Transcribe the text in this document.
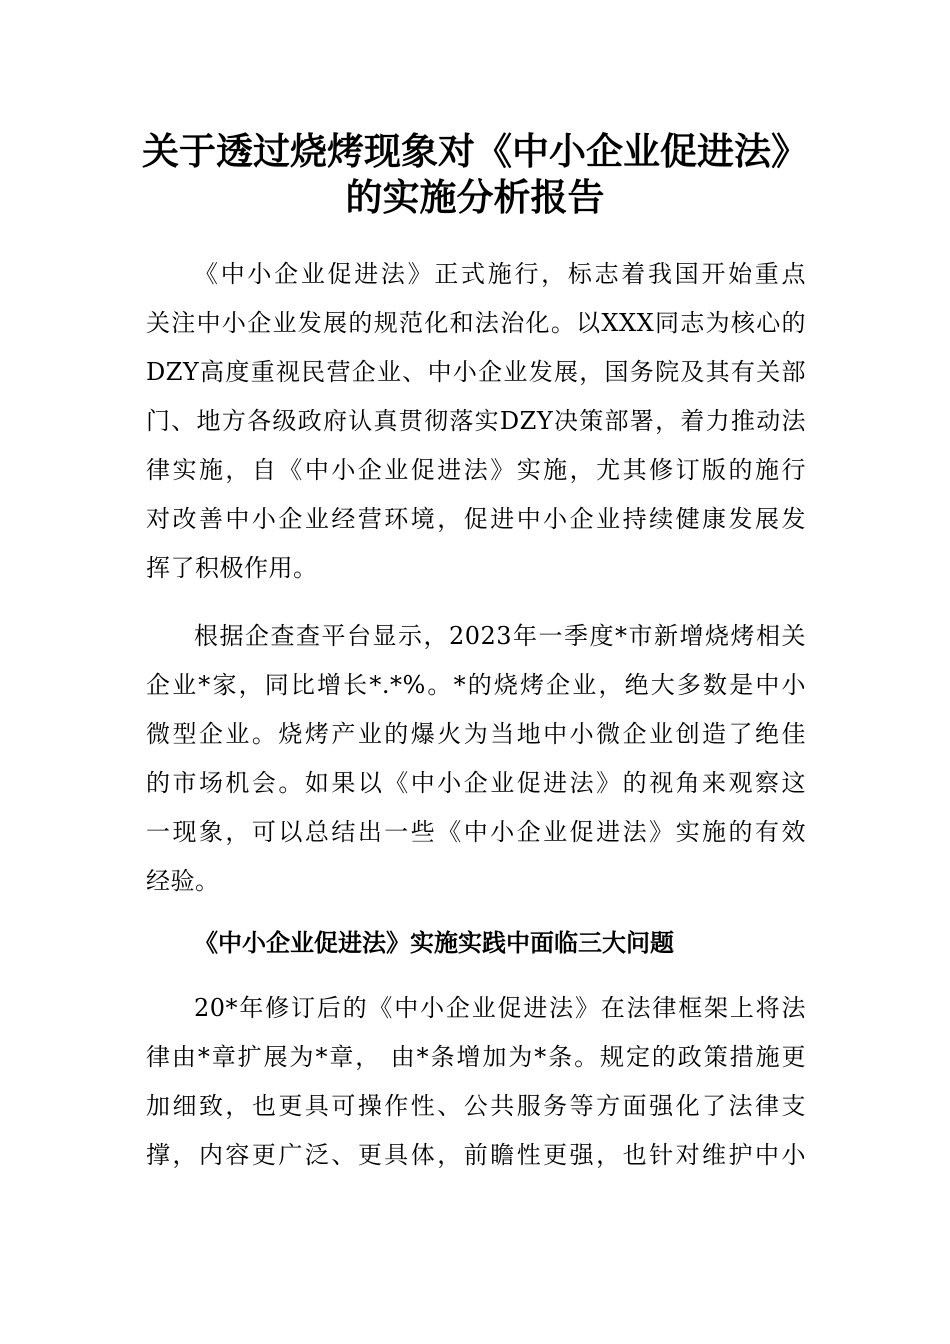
关于透过烧烤现象对《中小企业促进法》
的实施分析报告
《中小企业促进法》正式施行，标志着我国开始重点
关注中小企业发展的规范化和法治化。以XXX同志为核心的
DZY高度重视民营企业、中小企业发展，国务院及其有关部
门、地方各级政府认真贯彻落实DZY决策部署，着力推动法
律实施，自《中小企业促进法》实施，尤其修订版的施行
对改善中小企业经营环境，促进中小企业持续健康发展发
挥了积极作用。
根据企查查平台显示，2023年一季度*市新增烧烤相关
企业*家，同比增长*.*%。*的烧烤企业，绝大多数是中小
微型企业。烧烤产业的爆火为当地中小微企业创造了绝佳
的市场机会。如果以《中小企业促进法》的视角来观察这
一现象，可以总结出一些《中小企业促进法》实施的有效
经验。
《中小企业促进法》实施实践中面临三大问题
20*年修订后的《中小企业促进法》在法律框架上将法
律由*章扩展为*章， 由*条增加为*条。规定的政策措施更
加细致，也更具可操作性、公共服务等方面强化了法律支
撑，内容更广泛、更具体，前瞻性更强，也针对维护中小
